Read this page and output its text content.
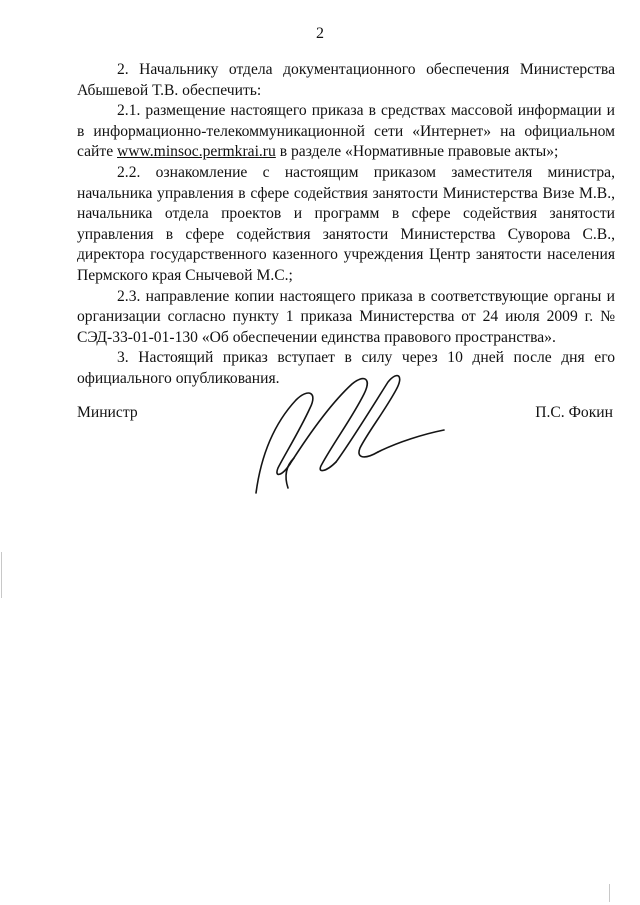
2

2. Начальнику отдела документационного обеспечения Министерства Абышевой Т.В. обеспечить:

2.1. размещение настоящего приказа в средствах массовой информации и в информационно-телекоммуникационной сети «Интернет» на официальном сайте www.minsoc.permkrai.ru в разделе «Нормативные правовые акты»;

2.2. ознакомление с настоящим приказом заместителя министра, начальника управления в сфере содействия занятости Министерства Визе М.В., начальника отдела проектов и программ в сфере содействия занятости управления в сфере содействия занятости Министерства Суворова С.В., директора государственного казенного учреждения Центр занятости населения Пермского края Снычевой М.С.;

2.3. направление копии настоящего приказа в соответствующие органы и организации согласно пункту 1 приказа Министерства от 24 июля 2009 г. № СЭД-33-01-01-130 «Об обеспечении единства правового пространства».

3. Настоящий приказ вступает в силу через 10 дней после дня его официального опубликования.

Министр	П.С. Фокин
